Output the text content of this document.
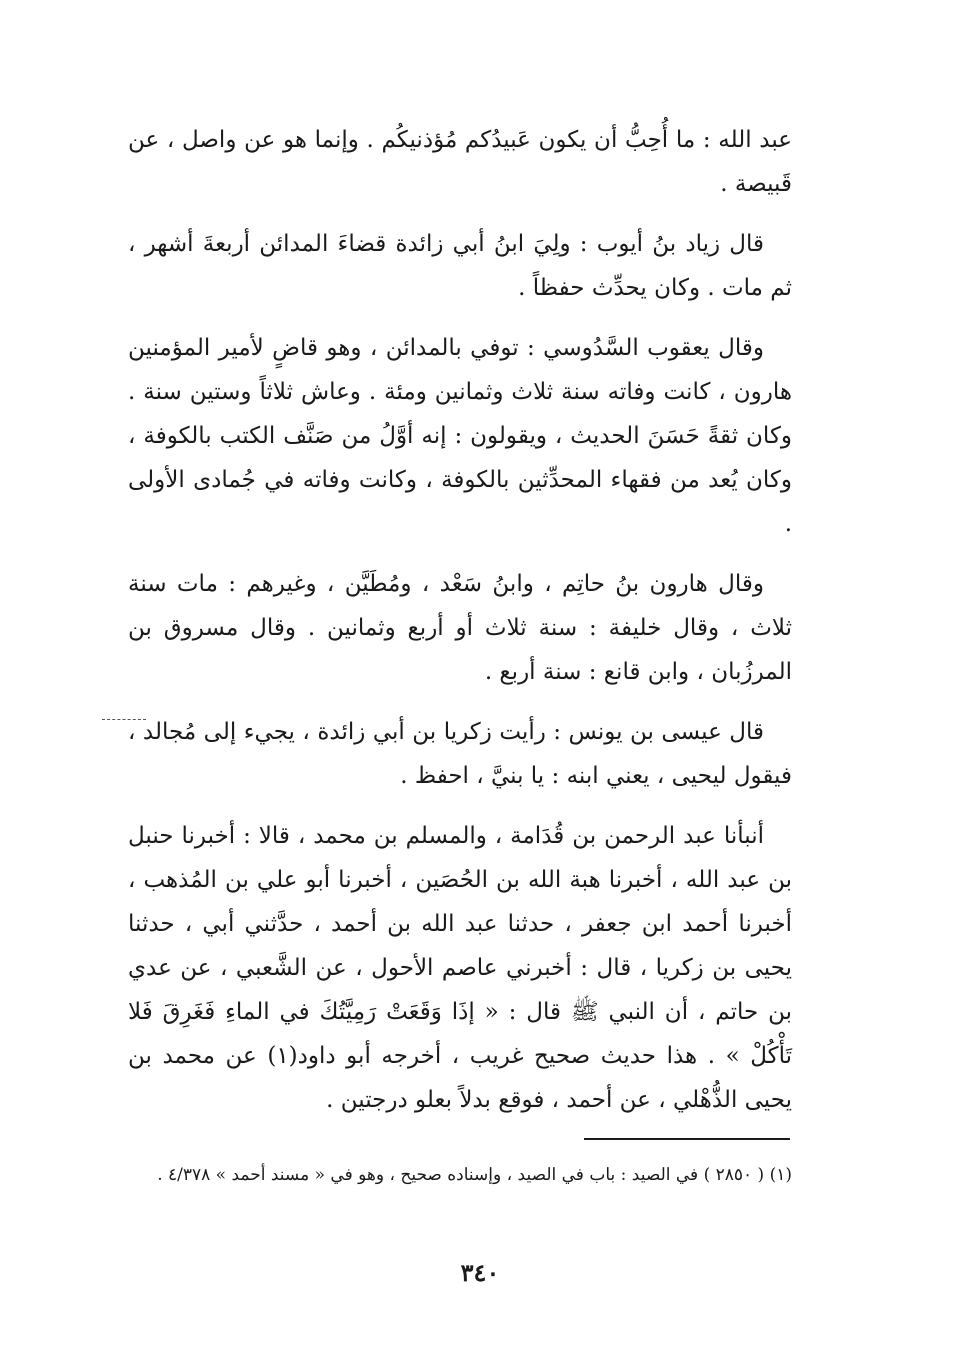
عبد الله : ما أُحِبُّ أن يكون عَبيدُكم مُؤذنيكُم . وإنما هو عن واصل ، عن قَبيصة .

قال زياد بنُ أيوب : ولِيَ ابنُ أبي زائدة قضاءَ المدائن أربعةَ أشهر ، ثم مات . وكان يحدِّث حفظاً .

وقال يعقوب السَّدُوسي : توفي بالمدائن ، وهو قاضٍ لأمير المؤمنين هارون ، كانت وفاته سنة ثلاث وثمانين ومئة . وعاش ثلاثاً وستين سنة . وكان ثقةً حَسَنَ الحديث ، ويقولون : إنه أوَّلُ من صَنَّف الكتب بالكوفة ، وكان يُعد من فقهاء المحدِّثين بالكوفة ، وكانت وفاته في جُمادى الأولى .

وقال هارون بنُ حاتِم ، وابنُ سَعْد ، ومُطَيَّن ، وغيرهم : مات سنة ثلاث ، وقال خليفة : سنة ثلاث أو أربع وثمانين . وقال مسروق بن المرزُبان ، وابن قانع : سنة أربع .

قال عيسى بن يونس : رأيت زكريا بن أبي زائدة ، يجيء إلى مُجالد ، فيقول ليحيى ، يعني ابنه : يا بنيَّ ، احفظ .

أنبأنا عبد الرحمن بن قُدَامة ، والمسلم بن محمد ، قالا : أخبرنا حنبل بن عبد الله ، أخبرنا هبة الله بن الحُصَين ، أخبرنا أبو علي بن المُذهب ، أخبرنا أحمد ابن جعفر ، حدثنا عبد الله بن أحمد ، حدَّثني أبي ، حدثنا يحيى بن زكريا ، قال : أخبرني عاصم الأحول ، عن الشَّعبي ، عن عدي بن حاتم ، أن النبي ﷺ قال : « إذَا وَقَعَتْ رَمِيَّتُكَ في الماءِ فَغَرِقَ فَلا تَأْكُلْ » . هذا حديث صحيح غريب ، أخرجه أبو داود(١) عن محمد بن يحيى الذُّهْلي ، عن أحمد ، فوقع بدلاً بعلو درجتين .

(١) ( ٢٨٥٠ ) في الصيد : باب في الصيد ، وإسناده صحيح ، وهو في « مسند أحمد » ٤/٣٧٨ .
٣٤٠
